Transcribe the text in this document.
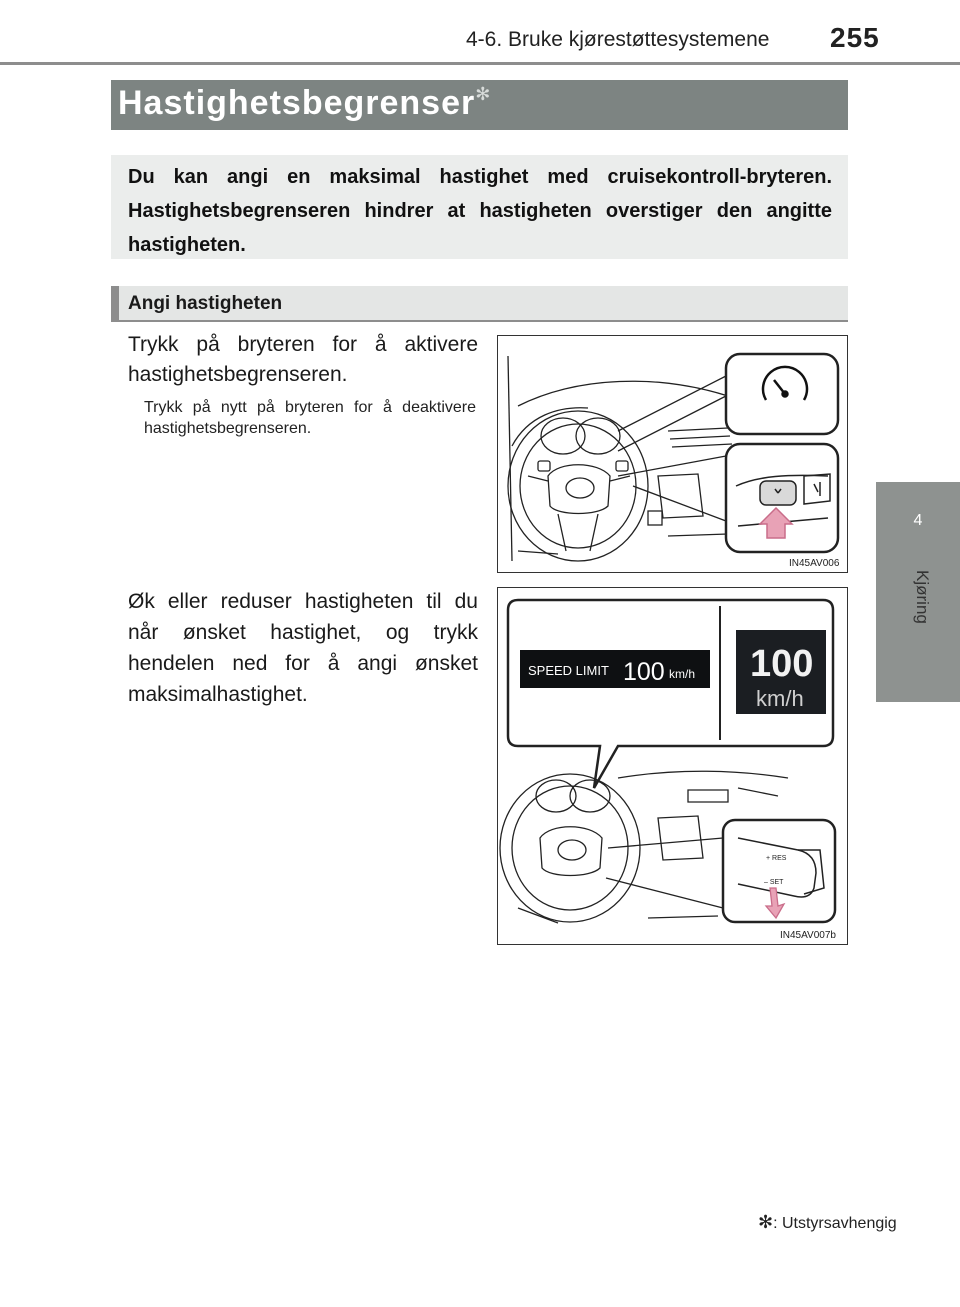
4-6. Bruke kjørestøttesystemene 255
4
Kjøring
Hastighetsbegrenser✻
Du kan angi en maksimal hastighet med cruisekontroll-bryteren. Hastighetsbegrenseren hindrer at hastigheten overstiger den angitte hastigheten.
Angi hastigheten
Trykk på bryteren for å aktivere hastighetsbegrenseren.
Trykk på nytt på bryteren for å deaktivere hastighetsbegrenseren.
Øk eller reduser hastigheten til du når ønsket hastighet, og trykk hendelen ned for å angi ønsket maksimalhastighet.
IN45AV006
SPEED LIMIT 100 km/h 100
km/h
+ RES
– SET
IN45AV007b
✻: Utstyrsavhengig
